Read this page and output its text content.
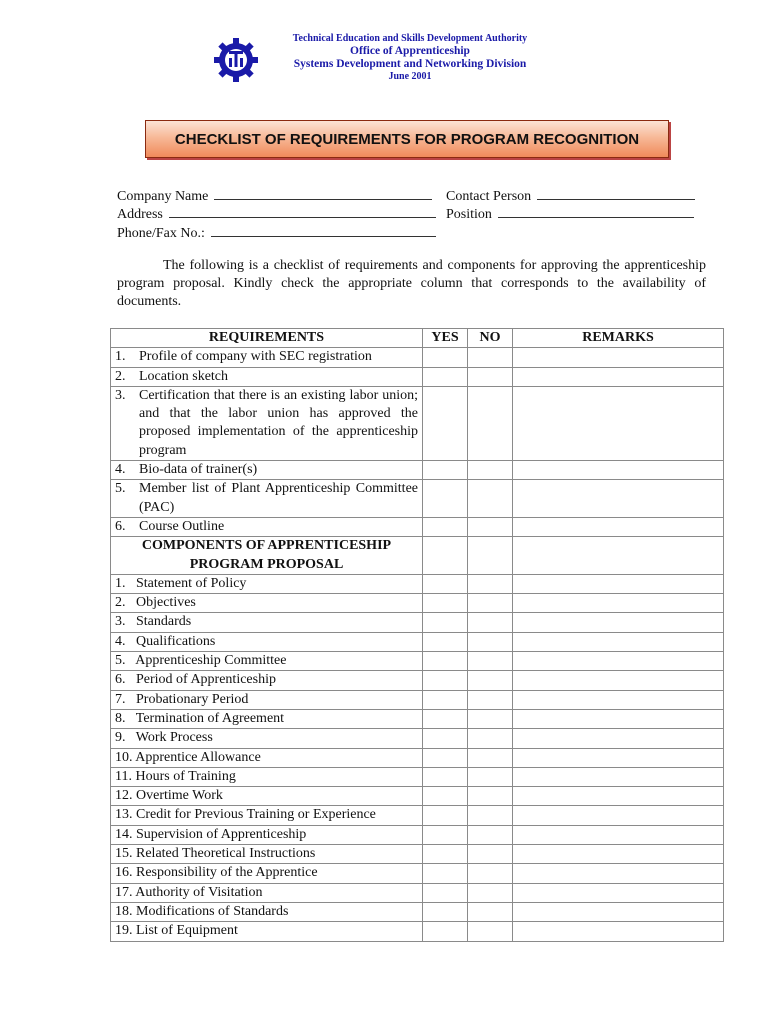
Technical Education and Skills Development Authority
Office of Apprenticeship
Systems Development and Networking Division
June 2001
CHECKLIST OF REQUIREMENTS FOR PROGRAM RECOGNITION
Company Name	Contact Person
Address	Position
Phone/Fax No.:
The following is a checklist of requirements and components for approving the apprenticeship program proposal. Kindly check the appropriate column that corresponds to the availability of documents.
REQUIREMENTS	YES	NO	REMARKS

1. Profile of company with SEC registration			

2. Location sketch			

3. Certification that there is an existing labor union; and that the labor union has approved the proposed implementation of the apprenticeship program			

4. Bio-data of trainer(s)			

5. Member list of Plant Apprenticeship Committee (PAC)			

6. Course Outline			

COMPONENTS OF APPRENTICESHIP PROGRAM PROPOSAL			
1.   Statement of Policy			
2.   Objectives			
3.   Standards			
4.   Qualifications			
5.   Apprenticeship Committee			
6.   Period of Apprenticeship			
7.   Probationary Period			
8.   Termination of Agreement			
9.   Work Process			
10. Apprentice Allowance			
11. Hours of Training			
12. Overtime Work			
13. Credit for Previous Training or Experience			
14. Supervision of Apprenticeship			
15. Related Theoretical Instructions			
16. Responsibility of the Apprentice			
17. Authority of Visitation			
18. Modifications of Standards			
19. List of Equipment			
